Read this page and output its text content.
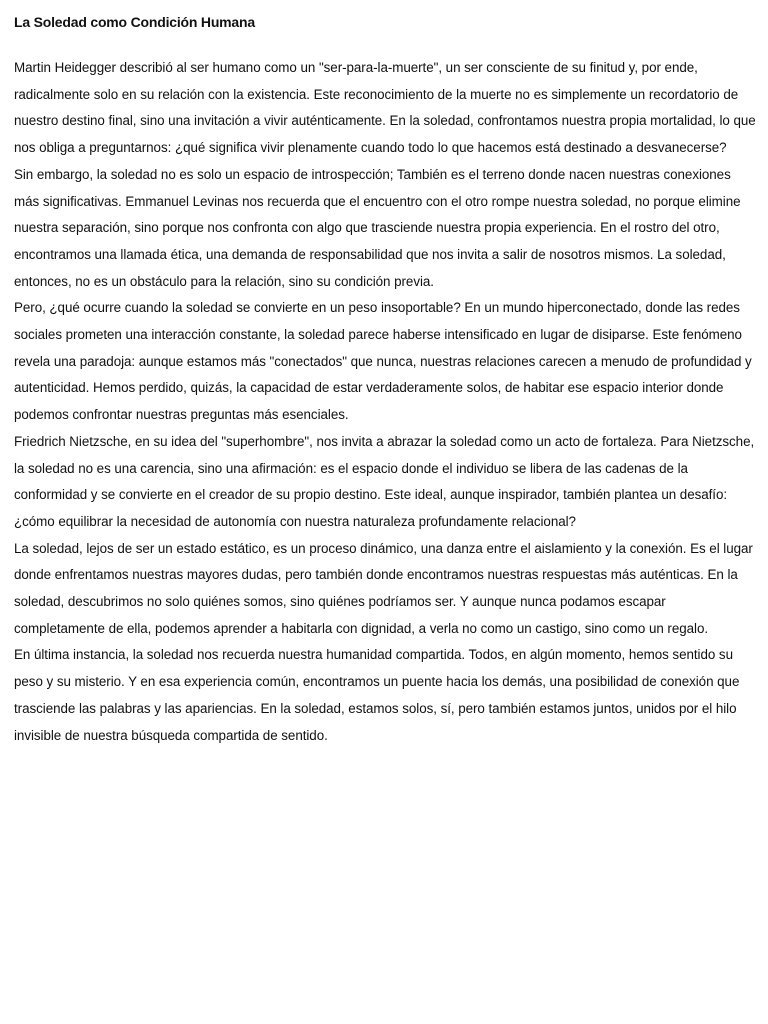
La Soledad como Condición Humana

Martin Heidegger describió al ser humano como un "ser-para-la-muerte", un ser consciente de su finitud y, por ende, radicalmente solo en su relación con la existencia. Este reconocimiento de la muerte no es simplemente un recordatorio de nuestro destino final, sino una invitación a vivir auténticamente. En la soledad, confrontamos nuestra propia mortalidad, lo que nos obliga a preguntarnos: ¿qué significa vivir plenamente cuando todo lo que hacemos está destinado a desvanecerse?

Sin embargo, la soledad no es solo un espacio de introspección; También es el terreno donde nacen nuestras conexiones más significativas. Emmanuel Levinas nos recuerda que el encuentro con el otro rompe nuestra soledad, no porque elimine nuestra separación, sino porque nos confronta con algo que trasciende nuestra propia experiencia. En el rostro del otro, encontramos una llamada ética, una demanda de responsabilidad que nos invita a salir de nosotros mismos. La soledad, entonces, no es un obstáculo para la relación, sino su condición previa.

Pero, ¿qué ocurre cuando la soledad se convierte en un peso insoportable? En un mundo hiperconectado, donde las redes sociales prometen una interacción constante, la soledad parece haberse intensificado en lugar de disiparse. Este fenómeno revela una paradoja: aunque estamos más "conectados" que nunca, nuestras relaciones carecen a menudo de profundidad y autenticidad. Hemos perdido, quizás, la capacidad de estar verdaderamente solos, de habitar ese espacio interior donde podemos confrontar nuestras preguntas más esenciales.

Friedrich Nietzsche, en su idea del "superhombre", nos invita a abrazar la soledad como un acto de fortaleza. Para Nietzsche, la soledad no es una carencia, sino una afirmación: es el espacio donde el individuo se libera de las cadenas de la conformidad y se convierte en el creador de su propio destino. Este ideal, aunque inspirador, también plantea un desafío: ¿cómo equilibrar la necesidad de autonomía con nuestra naturaleza profundamente relacional?

La soledad, lejos de ser un estado estático, es un proceso dinámico, una danza entre el aislamiento y la conexión. Es el lugar donde enfrentamos nuestras mayores dudas, pero también donde encontramos nuestras respuestas más auténticas. En la soledad, descubrimos no solo quiénes somos, sino quiénes podríamos ser. Y aunque nunca podamos escapar completamente de ella, podemos aprender a habitarla con dignidad, a verla no como un castigo, sino como un regalo.

En última instancia, la soledad nos recuerda nuestra humanidad compartida. Todos, en algún momento, hemos sentido su peso y su misterio. Y en esa experiencia común, encontramos un puente hacia los demás, una posibilidad de conexión que trasciende las palabras y las apariencias. En la soledad, estamos solos, sí, pero también estamos juntos, unidos por el hilo invisible de nuestra búsqueda compartida de sentido.
